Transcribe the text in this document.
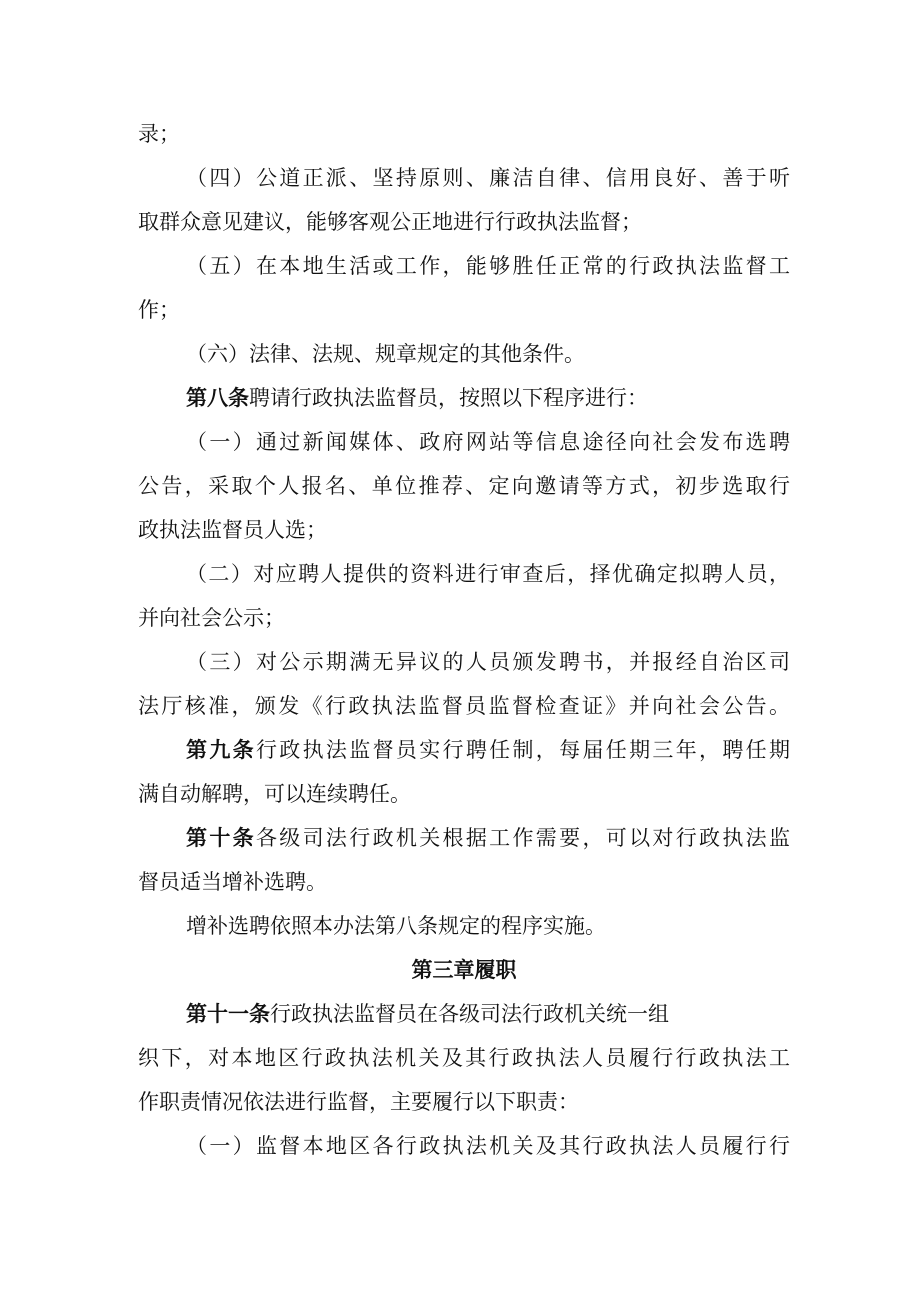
录；
（四）公道正派、坚持原则、廉洁自律、信用良好、善于听
取群众意见建议，能够客观公正地进行行政执法监督；
（五）在本地生活或工作，能够胜任正常的行政执法监督工
作；
（六）法律、法规、规章规定的其他条件。
第八条聘请行政执法监督员，按照以下程序进行：
（一）通过新闻媒体、政府网站等信息途径向社会发布选聘
公告，采取个人报名、单位推荐、定向邀请等方式，初步选取行
政执法监督员人选；
（二）对应聘人提供的资料进行审查后，择优确定拟聘人员，
并向社会公示；
（三）对公示期满无异议的人员颁发聘书，并报经自治区司
法厅核准，颁发《行政执法监督员监督检查证》并向社会公告。
第九条行政执法监督员实行聘任制，每届任期三年，聘任期
满自动解聘，可以连续聘任。
第十条各级司法行政机关根据工作需要，可以对行政执法监
督员适当增补选聘。
增补选聘依照本办法第八条规定的程序实施。
第三章履职
第十一条行政执法监督员在各级司法行政机关统一组
织下，对本地区行政执法机关及其行政执法人员履行行政执法工
作职责情况依法进行监督，主要履行以下职责：
（一）监督本地区各行政执法机关及其行政执法人员履行行
